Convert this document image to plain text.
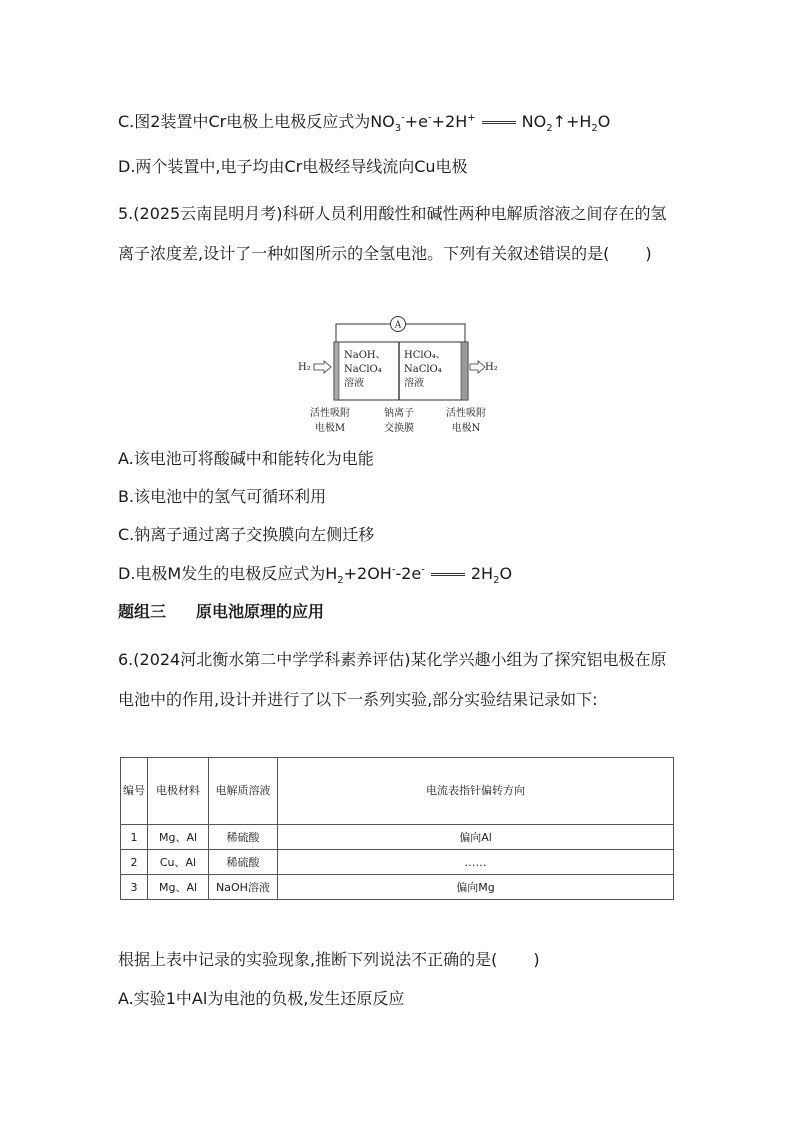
C.图2装置中Cr电极上电极反应式为$NO_3^-+e^-+2H^+$	$NO_2↑+H_2O$
D.两个装置中,电子均由Cr电极经导线流向Cu电极
5.(2025云南昆明月考)科研人员利用酸性和碱性两种电解质溶液之间存在的氢离子浓度差,设计了一种如图所示的全氢电池。下列有关叙述错误的是( )
A
H₂	H₂
NaOH、
NaClO₄
溶液
HClO₄、
NaClO₄
溶液
活性吸附
电极M
钠离子
交换膜
活性吸附
电极N
A.该电池可将酸碱中和能转化为电能
B.该电池中的氢气可循环利用
C.钠离子通过离子交换膜向左侧迁移
D.电极M发生的电极反应式为$H_2+2OH^--2e^-$	$2H_2O$
题组三 原电池原理的应用
6.(2024河北衡水第二中学学科素养评估)某化学兴趣小组为了探究铝电极在原电池中的作用,设计并进行了以下一系列实验,部分实验结果记录如下:
编号	电极材料	电解质溶液	电流表指针偏转方向
1	Mg、Al	稀硫酸	偏向Al
2	Cu、Al	稀硫酸	……
3	Mg、Al	NaOH溶液	偏向Mg
根据上表中记录的实验现象,推断下列说法不正确的是( )
A.实验1中Al为电池的负极,发生还原反应
